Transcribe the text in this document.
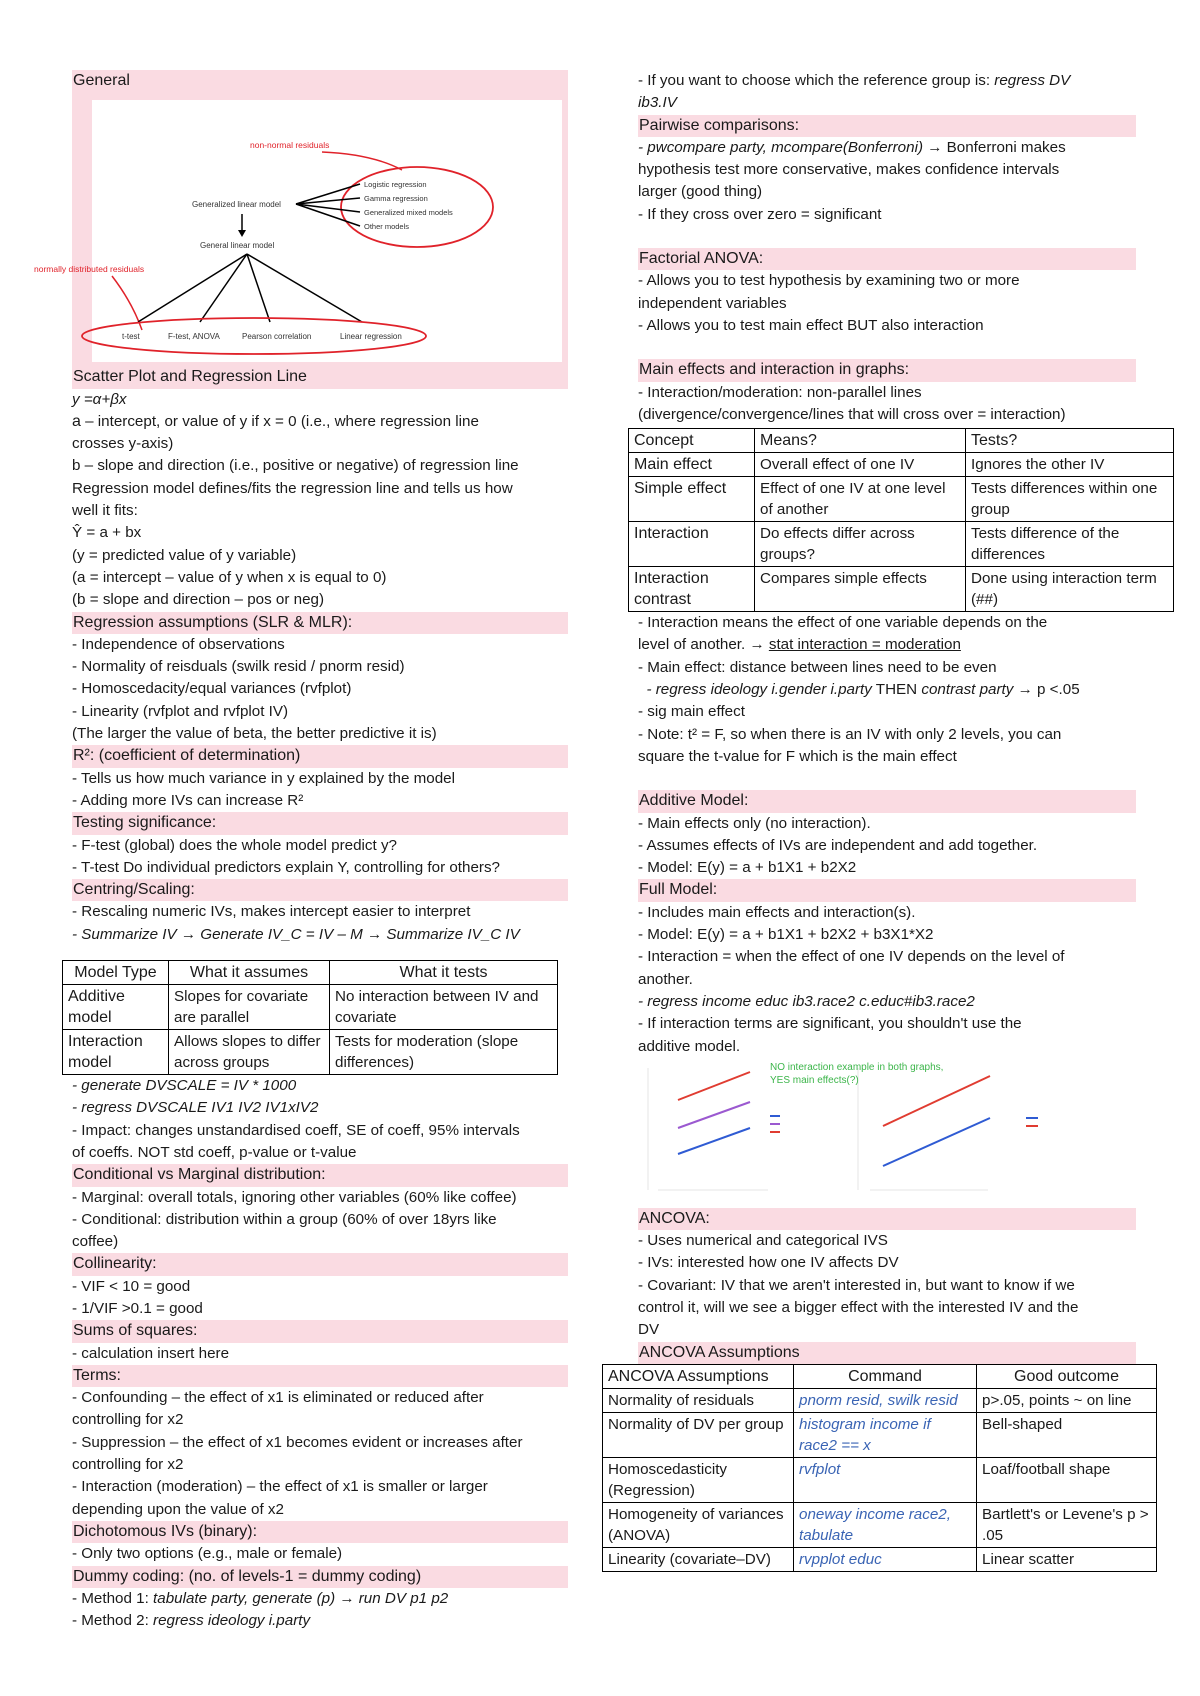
General
non-normal residuals
Generalized linear model
Logistic regression
Gamma regression
Generalized mixed models
Other models
General linear model
normally distributed residuals
t-test	F-test, ANOVA	Pearson correlation	Linear regression
Scatter Plot and Regression Line
y =α+βx
a – intercept, or value of y if x = 0 (i.e., where regression line
crosses y-axis)
b – slope and direction (i.e., positive or negative) of regression line
Regression model defines/fits the regression line and tells us how
well it fits:
Ŷ = a + bx
(y = predicted value of y variable)
(a = intercept – value of y when x is equal to 0)
(b = slope and direction – pos or neg)
Regression assumptions (SLR & MLR):
- Independence of observations
- Normality of reisduals (swilk resid / pnorm resid)
- Homoscedacity/equal variances (rvfplot)
- Linearity (rvfplot and rvfplot IV)
(The larger the value of beta, the better predictive it is)
R²: (coefficient of determination)
- Tells us how much variance in y explained by the model
- Adding more IVs can increase R²
Testing significance:
- F-test (global) does the whole model predict y?
- T-test Do individual predictors explain Y, controlling for others?
Centring/Scaling:
- Rescaling numeric IVs, makes intercept easier to interpret
- Summarize IV → Generate IV_C = IV – M → Summarize IV_C IV
Model Type	What it assumes	What it tests
Additive model	Slopes for covariate are parallel	No interaction between IV and covariate
Interaction model	Allows slopes to differ across groups	Tests for moderation (slope differences)
- generate DVSCALE = IV * 1000
- regress DVSCALE IV1 IV2 IV1xIV2
- Impact: changes unstandardised coeff, SE of coeff, 95% intervals
of coeffs. NOT std coeff, p-value or t-value
Conditional vs Marginal distribution:
- Marginal: overall totals, ignoring other variables (60% like coffee)
- Conditional: distribution within a group (60% of over 18yrs like
coffee)
Collinearity:
- VIF < 10 = good
- 1/VIF >0.1 = good
Sums of squares:
- calculation insert here
Terms:
- Confounding – the effect of x1 is eliminated or reduced after
controlling for x2
- Suppression – the effect of x1 becomes evident or increases after
controlling for x2
- Interaction (moderation) – the effect of x1 is smaller or larger
depending upon the value of x2
Dichotomous IVs (binary):
- Only two options (e.g., male or female)
Dummy coding: (no. of levels-1 = dummy coding)
- Method 1: tabulate party, generate (p) → run DV p1 p2
- Method 2: regress ideology i.party
- If you want to choose which the reference group is: regress DV
ib3.IV
Pairwise comparisons:
- pwcompare party, mcompare(Bonferroni) → Bonferroni makes
hypothesis test more conservative, makes confidence intervals
larger (good thing)
- If they cross over zero = significant
Factorial ANOVA:
- Allows you to test hypothesis by examining two or more
independent variables
- Allows you to test main effect BUT also interaction
Main effects and interaction in graphs:
- Interaction/moderation: non-parallel lines
(divergence/convergence/lines that will cross over = interaction)
Concept	Means?	Tests?
Main effect	Overall effect of one IV	Ignores the other IV
Simple effect	Effect of one IV at one level of another	Tests differences within one group
Interaction	Do effects differ across groups?	Tests difference of the differences
Interaction contrast	Compares simple effects	Done using interaction term (##)
- Interaction means the effect of one variable depends on the
level of another. → stat interaction = moderation
- Main effect: distance between lines need to be even
- regress ideology i.gender i.party THEN contrast party → p <.05
- sig main effect
- Note: t² = F, so when there is an IV with only 2 levels, you can
square the t-value for F which is the main effect
Additive Model:
- Main effects only (no interaction).
- Assumes effects of IVs are independent and add together.
- Model: E(y) = a + b1X1 + b2X2
Full Model:
- Includes main effects and interaction(s).
- Model: E(y) = a + b1X1 + b2X2 + b3X1*X2
- Interaction = when the effect of one IV depends on the level of
another.
- regress income educ ib3.race2 c.educ#ib3.race2
- If interaction terms are significant, you shouldn't use the
additive model.
NO interaction example in both graphs,
YES main effects(?)
ANCOVA:
- Uses numerical and categorical IVS
- IVs: interested how one IV affects DV
- Covariant: IV that we aren't interested in, but want to know if we
control it, will we see a bigger effect with the interested IV and the
DV
ANCOVA Assumptions
ANCOVA Assumptions	Command	Good outcome
Normality of residuals	pnorm resid, swilk resid	p>.05, points ~ on line
Normality of DV per group	histogram income if race2 == x	Bell-shaped
Homoscedasticity (Regression)	rvfplot	Loaf/football shape
Homogeneity of variances (ANOVA)	oneway income race2, tabulate	Bartlett's or Levene's p > .05
Linearity (covariate–DV)	rvpplot educ	Linear scatter
